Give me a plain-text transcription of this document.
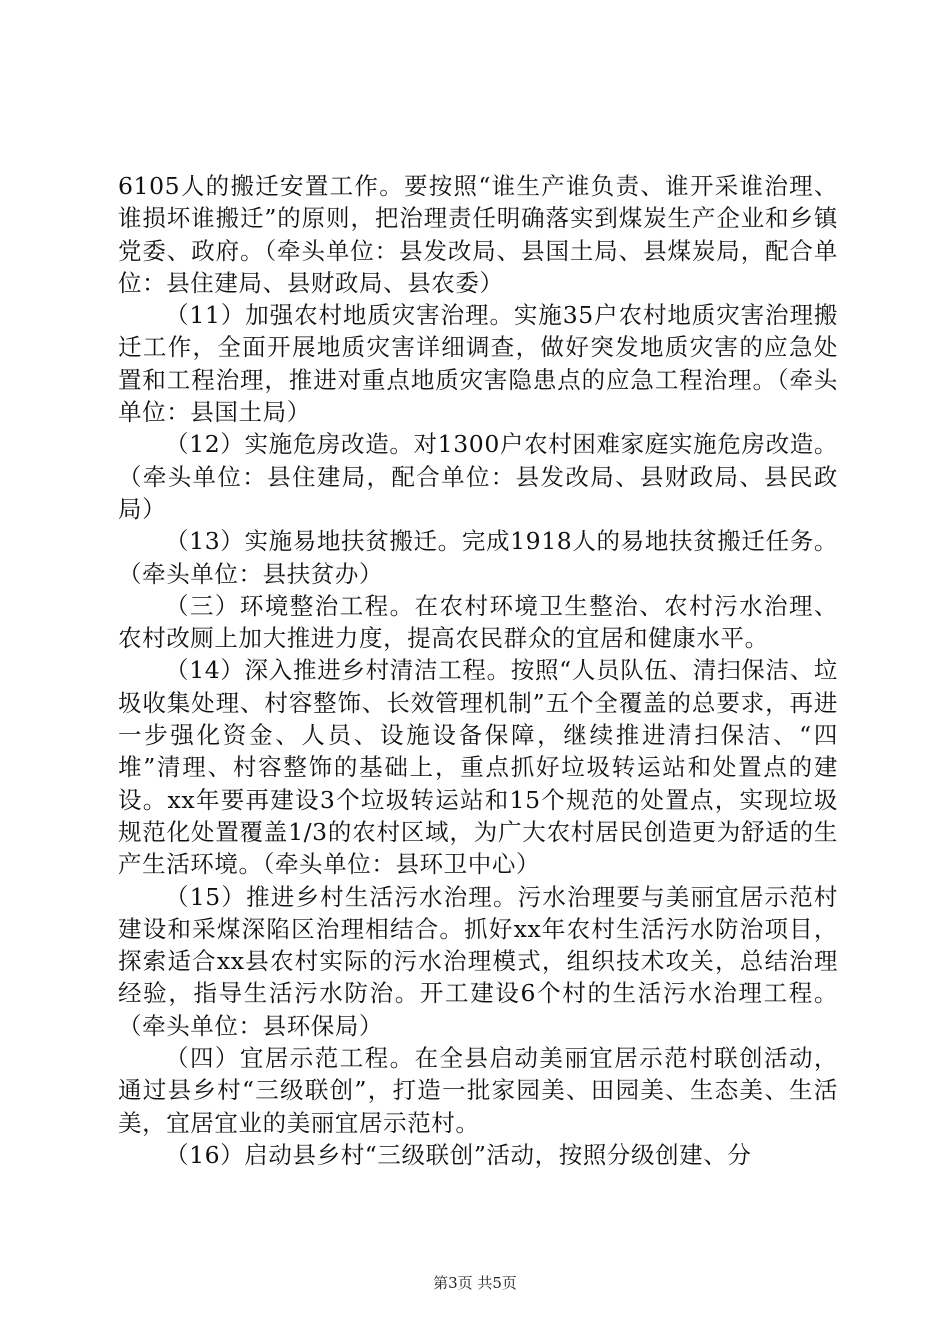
6105人的搬迁安置工作。要按照“谁生产谁负责、谁开采谁治理、谁损坏谁搬迁”的原则，把治理责任明确落实到煤炭生产企业和乡镇党委、政府。（牵头单位：县发改局、县国土局、县煤炭局，配合单位：县住建局、县财政局、县农委）

（11）加强农村地质灾害治理。实施35户农村地质灾害治理搬迁工作，全面开展地质灾害详细调查，做好突发地质灾害的应急处置和工程治理，推进对重点地质灾害隐患点的应急工程治理。（牵头单位：县国土局）

（12）实施危房改造。对1300户农村困难家庭实施危房改造。（牵头单位：县住建局，配合单位：县发改局、县财政局、县民政局）

（13）实施易地扶贫搬迁。完成1918人的易地扶贫搬迁任务。（牵头单位：县扶贫办）

（三）环境整治工程。在农村环境卫生整治、农村污水治理、农村改厕上加大推进力度，提高农民群众的宜居和健康水平。

（14）深入推进乡村清洁工程。按照“人员队伍、清扫保洁、垃圾收集处理、村容整饰、长效管理机制”五个全覆盖的总要求，再进一步强化资金、人员、设施设备保障，继续推进清扫保洁、“四堆”清理、村容整饰的基础上，重点抓好垃圾转运站和处置点的建设。xx年要再建设3个垃圾转运站和15个规范的处置点，实现垃圾规范化处置覆盖1/3的农村区域，为广大农村居民创造更为舒适的生产生活环境。（牵头单位：县环卫中心）

（15）推进乡村生活污水治理。污水治理要与美丽宜居示范村建设和采煤深陷区治理相结合。抓好xx年农村生活污水防治项目，探索适合xx县农村实际的污水治理模式，组织技术攻关，总结治理经验，指导生活污水防治。开工建设6个村的生活污水治理工程。（牵头单位：县环保局）

（四）宜居示范工程。在全县启动美丽宜居示范村联创活动，通过县乡村“三级联创”，打造一批家园美、田园美、生态美、生活美，宜居宜业的美丽宜居示范村。

（16）启动县乡村“三级联创”活动，按照分级创建、分

第3页 共5页
